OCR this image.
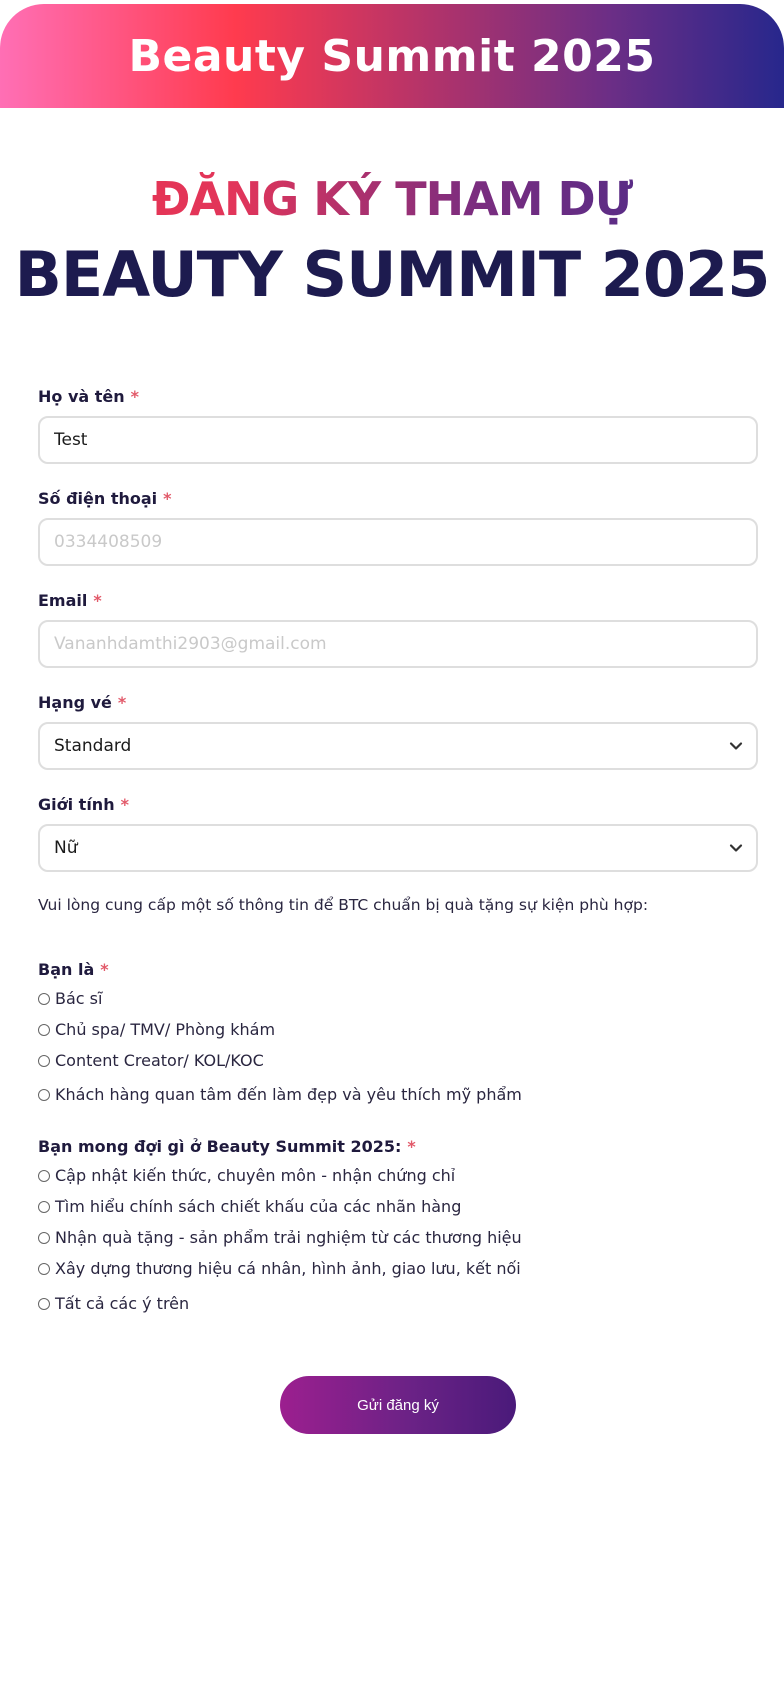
Beauty Summit 2025
ĐĂNG KÝ THAM DỰ
BEAUTY SUMMIT 2025
Họ và tên *
Test
Số điện thoại *
0334408509
Email *
Vananhdamthi2903@gmail.com
Hạng vé *
Standard
Giới tính *
Nữ
Vui lòng cung cấp một số thông tin để BTC chuẩn bị quà tặng sự kiện phù hợp:
Bạn là *
Bác sĩ
Chủ spa/ TMV/ Phòng khám
Content Creator/ KOL/KOC
Khách hàng quan tâm đến làm đẹp và yêu thích mỹ phẩm
Bạn mong đợi gì ở Beauty Summit 2025: *
Cập nhật kiến thức, chuyên môn - nhận chứng chỉ
Tìm hiểu chính sách chiết khấu của các nhãn hàng
Nhận quà tặng - sản phẩm trải nghiệm từ các thương hiệu
Xây dựng thương hiệu cá nhân, hình ảnh, giao lưu, kết nối
Tất cả các ý trên
Gửi đăng ký
